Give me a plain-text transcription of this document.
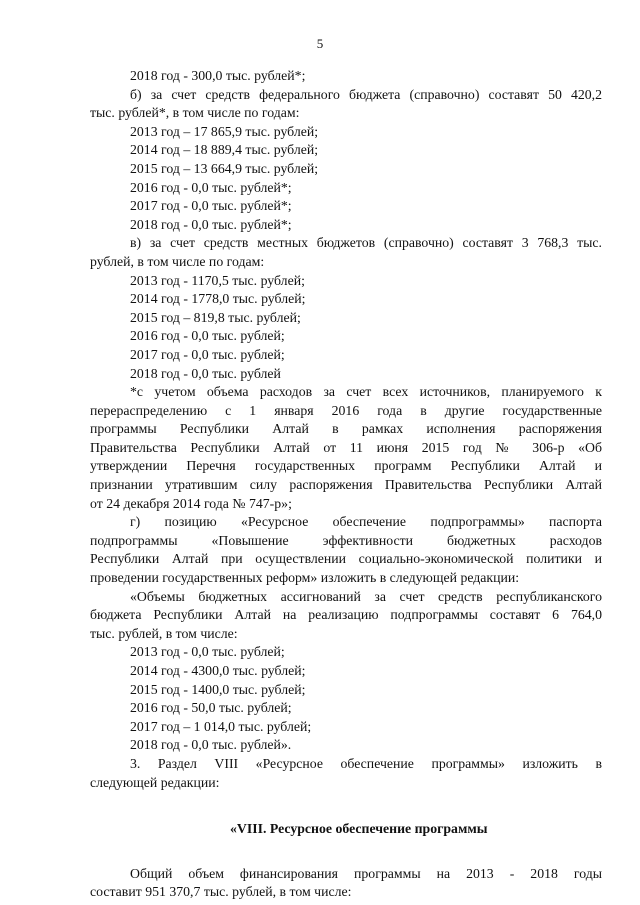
5
2018 год - 300,0 тыс. рублей*;
б) за счет средств федерального бюджета (справочно) составят 50 420,2
тыс. рублей*, в том числе по годам:
2013 год – 17 865,9 тыс. рублей;
2014 год – 18 889,4 тыс. рублей;
2015 год – 13 664,9 тыс. рублей;
2016 год - 0,0 тыс. рублей*;
2017 год - 0,0 тыс. рублей*;
2018 год - 0,0 тыс. рублей*;
в) за счет средств местных бюджетов (справочно) составят 3 768,3 тыс.
рублей, в том числе по годам:
2013 год - 1170,5 тыс. рублей;
2014 год - 1778,0 тыс. рублей;
2015 год – 819,8 тыс. рублей;
2016 год - 0,0 тыс. рублей;
2017 год - 0,0 тыс. рублей;
2018 год - 0,0 тыс. рублей
*с учетом объема расходов за счет всех источников, планируемого к
перераспределению с 1 января 2016 года в другие государственные
программы Республики Алтай в рамках исполнения распоряжения
Правительства Республики Алтай от 11 июня 2015 год № 306-р «Об
утверждении Перечня государственных программ Республики Алтай и
признании утратившим силу распоряжения Правительства Республики Алтай
от 24 декабря 2014 года № 747-р»;
г) позицию «Ресурсное обеспечение подпрограммы» паспорта
подпрограммы «Повышение эффективности бюджетных расходов
Республики Алтай при осуществлении социально-экономической политики и
проведении государственных реформ» изложить в следующей редакции:
«Объемы бюджетных ассигнований за счет средств республиканского
бюджета Республики Алтай на реализацию подпрограммы составят 6 764,0
тыс. рублей, в том числе:
2013 год - 0,0 тыс. рублей;
2014 год - 4300,0 тыс. рублей;
2015 год - 1400,0 тыс. рублей;
2016 год - 50,0 тыс. рублей;
2017 год – 1 014,0 тыс. рублей;
2018 год - 0,0 тыс. рублей».
3. Раздел VIII «Ресурсное обеспечение программы» изложить в
следующей редакции:
«VIII. Ресурсное обеспечение программы
Общий объем финансирования программы на 2013 - 2018 годы
составит 951 370,7 тыс. рублей, в том числе:
